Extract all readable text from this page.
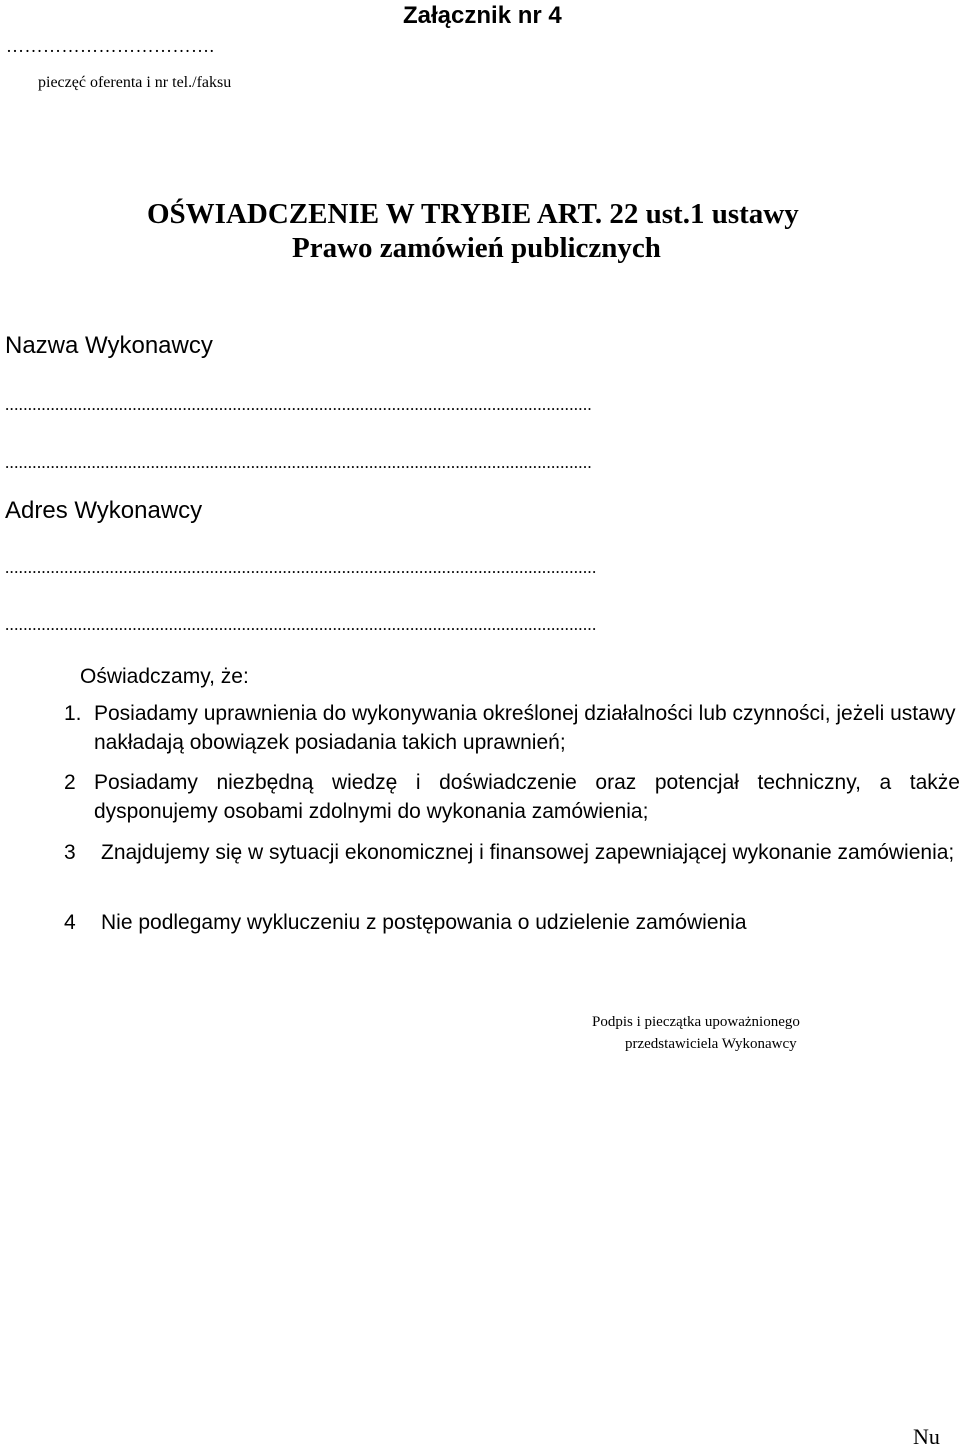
Załącznik nr 4
…………………………….
pieczęć oferenta i nr tel./faksu
OŚWIADCZENIE W TRYBIE ART. 22 ust.1 ustawy
Prawo zamówień publicznych
Nazwa Wykonawcy
.................................................................................................................................
.................................................................................................................................
Adres Wykonawcy
..................................................................................................................................
..................................................................................................................................
Oświadczamy, że:
1. Posiadamy uprawnienia do wykonywania określonej działalności lub czynności, jeżeli ustawy nakładają obowiązek posiadania takich uprawnień;
2 Posiadamy niezbędną wiedzę i doświadczenie oraz potencjał techniczny, a także dysponujemy osobami zdolnymi do wykonania zamówienia;
3 Znajdujemy się w sytuacji ekonomicznej i finansowej zapewniającej wykonanie zamówienia;
4 Nie podlegamy wykluczeniu z postępowania o udzielenie zamówienia
Podpis i pieczątka upoważnionego
przedstawiciela Wykonawcy
Nu
